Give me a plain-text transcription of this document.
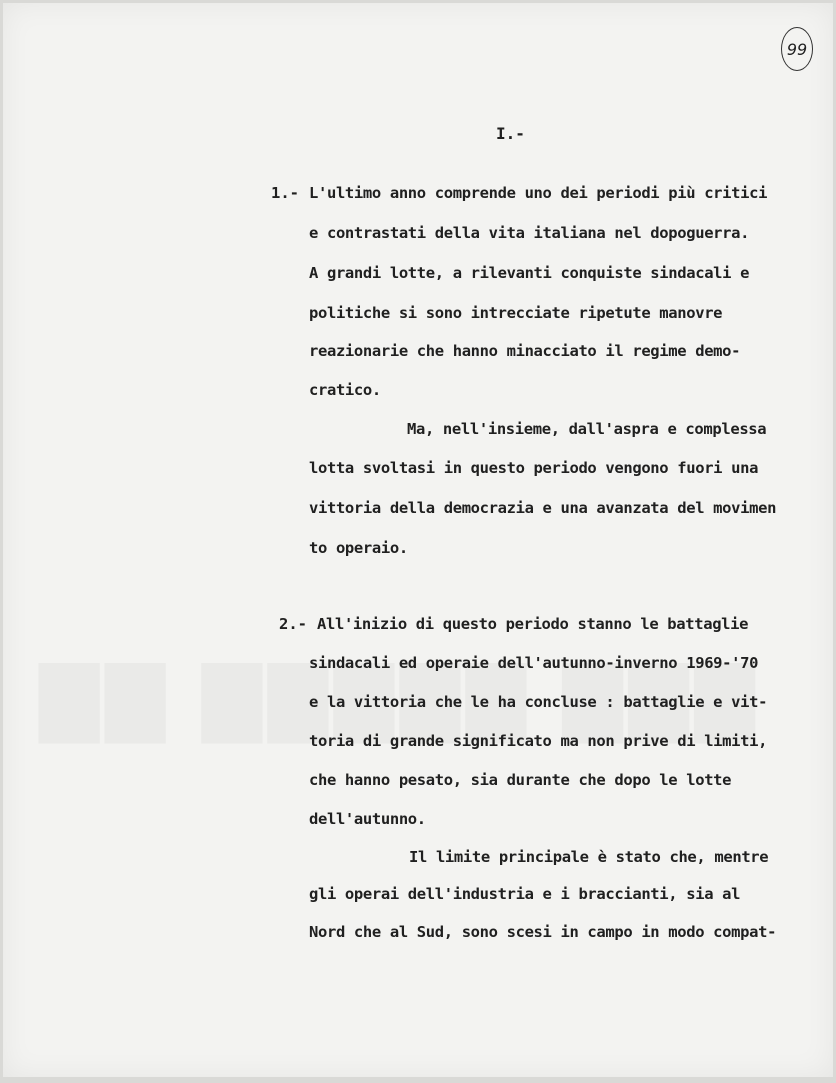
99
I.-
1.- L'ultimo anno comprende uno dei periodi più critici
e contrastati della vita italiana nel dopoguerra.
A grandi lotte, a rilevanti conquiste sindacali e
politiche si sono intrecciate ripetute manovre
reazionarie che hanno minacciato il regime demo-
cratico.
Ma, nell'insieme, dall'aspra e complessa
lotta svoltasi in questo periodo vengono fuori una
vittoria della democrazia e una avanzata del movimen
to operaio.
2.- All'inizio di questo periodo stanno le battaglie
sindacali ed operaie dell'autunno-inverno 1969-'70
e la vittoria che le ha concluse : battaglie e vit-
toria di grande significato ma non prive di limiti,
che hanno pesato, sia durante che dopo le lotte
dell'autunno.
Il limite principale è stato che, mentre
gli operai dell'industria e i braccianti, sia al
Nord che al Sud, sono scesi in campo in modo compat-
